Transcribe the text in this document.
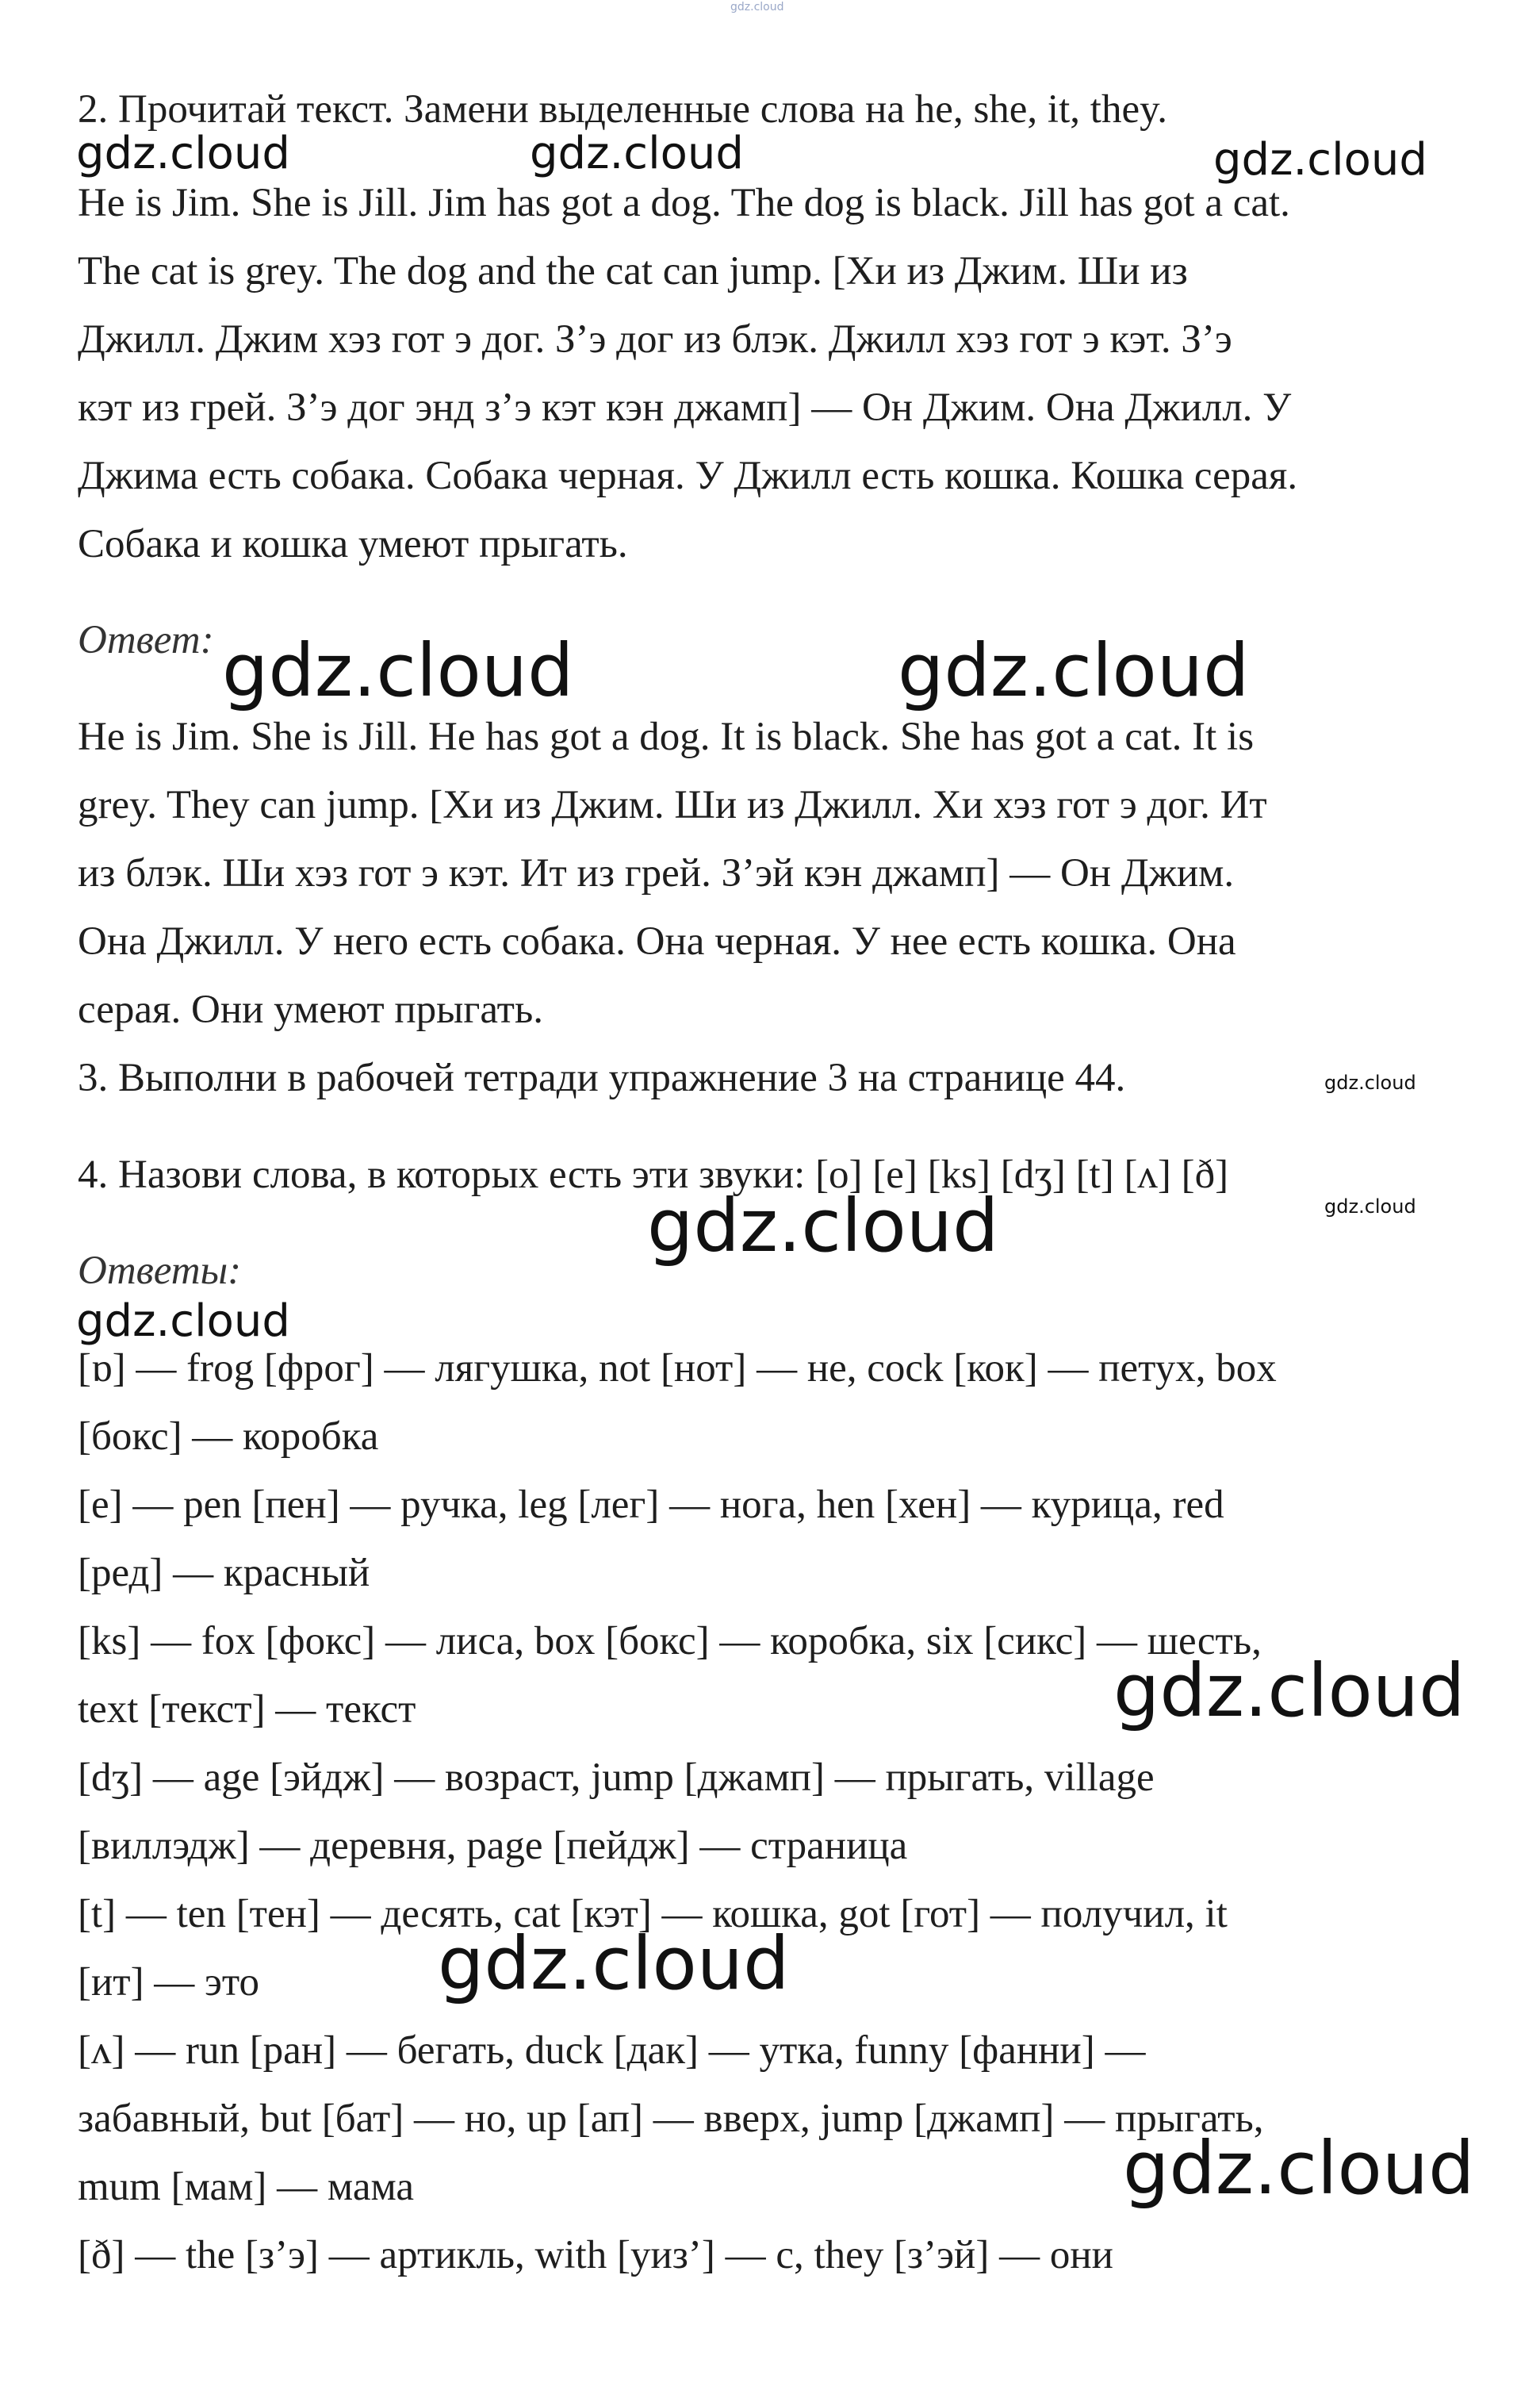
gdz.cloud
2. Прочитай текст. Замени выделенные слова на he, she, it, they.
gdz.cloud	gdz.cloud	gdz.cloud
He is Jim. She is Jill. Jim has got a dog. The dog is black. Jill has got a cat.
The cat is grey. The dog and the cat can jump. [Хи из Джим. Ши из
Джилл. Джим хэз гот э дог. З’э дог из блэк. Джилл хэз гот э кэт. З’э
кэт из грей. З’э дог энд з’э кэт кэн джамп] — Он Джим. Она Джилл. У
Джима есть собака. Собака черная. У Джилл есть кошка. Кошка серая.
Собака и кошка умеют прыгать.
Ответ: gdz.cloud	gdz.cloud
He is Jim. She is Jill. He has got a dog. It is black. She has got a cat. It is
grey. They can jump. [Хи из Джим. Ши из Джилл. Хи хэз гот э дог. Ит
из блэк. Ши хэз гот э кэт. Ит из грей. З’эй кэн джамп] — Он Джим.
Она Джилл. У него есть собака. Она черная. У нее есть кошка. Она
серая. Они умеют прыгать.
3. Выполни в рабочей тетради упражнение 3 на странице 44.	gdz.cloud
4. Назови слова, в которых есть эти звуки: [o] [e] [ks] [dʒ] [t] [ʌ] [ð]
gdz.cloud
gdz.cloud
Ответы:
gdz.cloud
[ɒ] — frog [фрог] — лягушка, not [нот] — не, cock [кок] — петух, box
[бокс] — коробка
[e] — pen [пен] — ручка, leg [лег] — нога, hen [хен] — курица, red
[ред] — красный
[ks] — fox [фокс] — лиса, box [бокс] — коробка, six [сикс] — шесть,
text [текст] — текст	gdz.cloud
[dʒ] — age [эйдж] — возраст, jump [джамп] — прыгать, village
[виллэдж] — деревня, page [пейдж] — страница
[t] — ten [тен] — десять, cat [кэт] — кошка, got [гот] — получил, it
[ит] — это gdz.cloud
[ʌ] — run [ран] — бегать, duck [дак] — утка, funny [фанни] —
забавный, but [бат] — но, up [ап] — вверх, jump [джамп] — прыгать,
mum [мам] — мама	gdz.cloud
[ð] — the [з’э] — артикль, with [уиз’] — с, they [з’эй] — они
